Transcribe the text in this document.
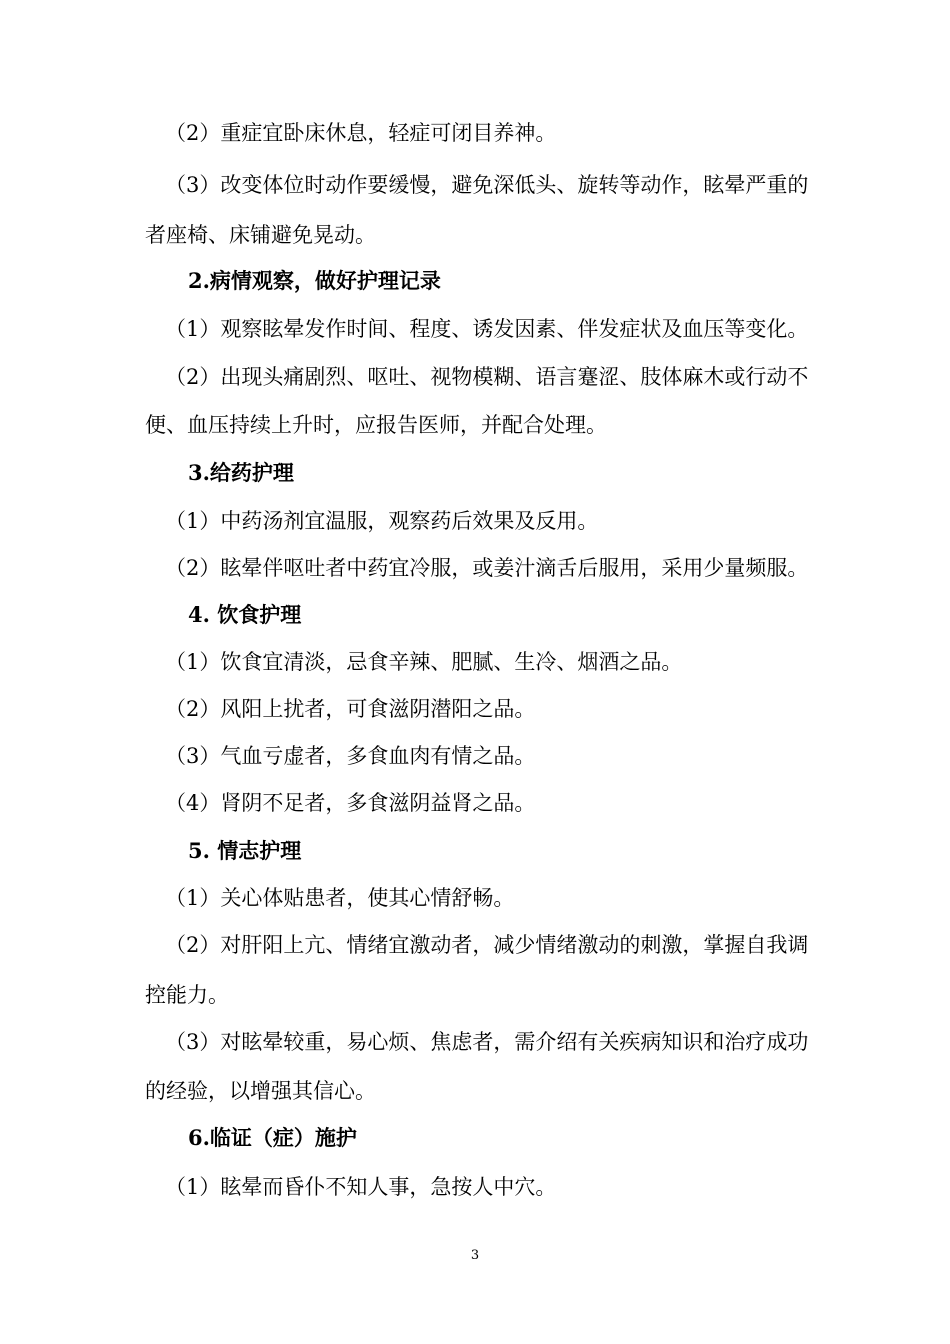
（2）重症宜卧床休息，轻症可闭目养神。
（3）改变体位时动作要缓慢，避免深低头、旋转等动作，眩晕严重的
者座椅、床铺避免晃动。
2.病情观察，做好护理记录
（1）观察眩晕发作时间、程度、诱发因素、伴发症状及血压等变化。
（2）出现头痛剧烈、呕吐、视物模糊、语言蹇涩、肢体麻木或行动不
便、血压持续上升时，应报告医师，并配合处理。
3.给药护理
（1）中药汤剂宜温服，观察药后效果及反用。
（2）眩晕伴呕吐者中药宜冷服，或姜汁滴舌后服用，采用少量频服。
4. 饮食护理
（1）饮食宜清淡，忌食辛辣、肥腻、生冷、烟酒之品。
（2）风阳上扰者，可食滋阴潜阳之品。
（3）气血亏虚者，多食血肉有情之品。
（4）肾阴不足者，多食滋阴益肾之品。
5. 情志护理
（1）关心体贴患者，使其心情舒畅。
（2）对肝阳上亢、情绪宜激动者，减少情绪激动的刺激，掌握自我调
控能力。
（3）对眩晕较重，易心烦、焦虑者，需介绍有关疾病知识和治疗成功
的经验，以增强其信心。
6.临证（症）施护
（1）眩晕而昏仆不知人事，急按人中穴。
3
